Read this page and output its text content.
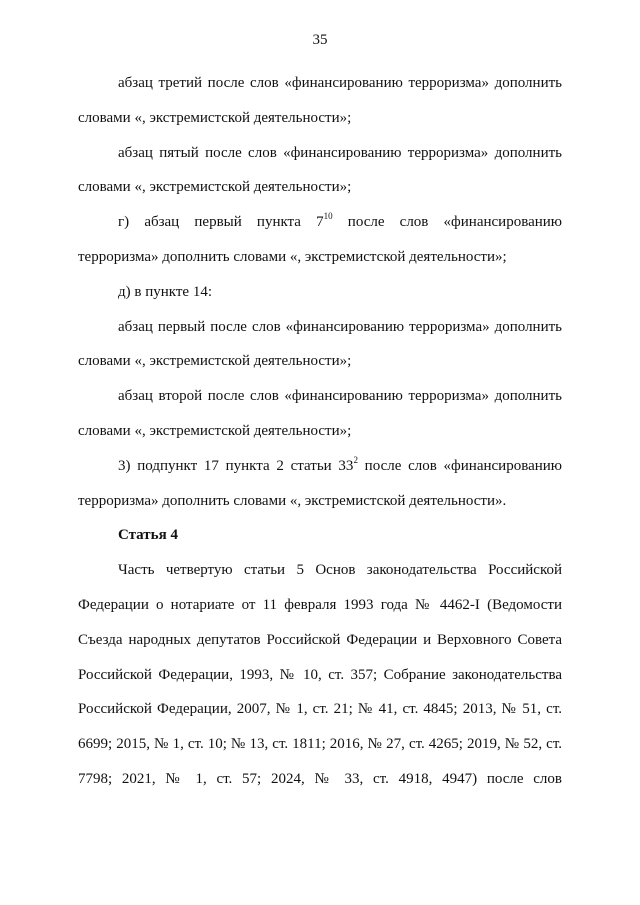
35

абзац третий после слов «финансированию терроризма» дополнить словами «, экстремистской деятельности»;

абзац пятый после слов «финансированию терроризма» дополнить словами «, экстремистской деятельности»;

г) абзац первый пункта $7^{10}$ после слов «финансированию терроризма» дополнить словами «, экстремистской деятельности»;

д) в пункте 14:

абзац первый после слов «финансированию терроризма» дополнить словами «, экстремистской деятельности»;

абзац второй после слов «финансированию терроризма» дополнить словами «, экстремистской деятельности»;

3) подпункт 17 пункта 2 статьи $33^2$ после слов «финансированию терроризма» дополнить словами «, экстремистской деятельности».

Статья 4

Часть четвертую статьи 5 Основ законодательства Российской Федерации о нотариате от 11 февраля 1993 года № 4462-I (Ведомости Съезда народных депутатов Российской Федерации и Верховного Совета Российской Федерации, 1993, № 10, ст. 357; Собрание законодательства Российской Федерации, 2007, № 1, ст. 21; № 41, ст. 4845; 2013, № 51, ст. 6699; 2015, № 1, ст. 10; № 13, ст. 1811; 2016, № 27, ст. 4265; 2019, № 52, ст. 7798; 2021, № 1, ст. 57; 2024, № 33, ст. 4918, 4947) после слов
